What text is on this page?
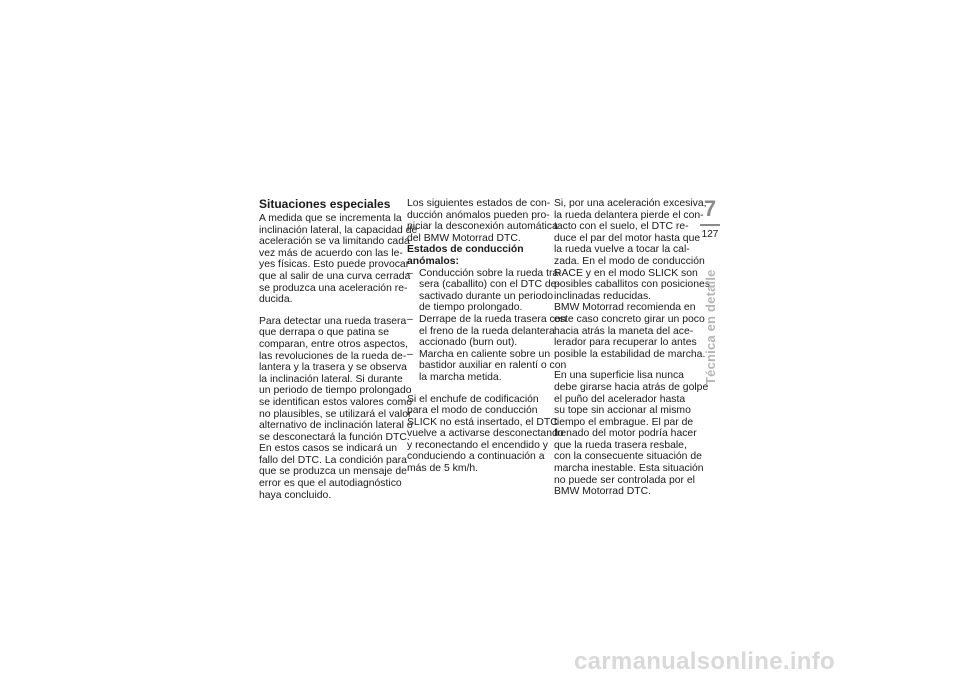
Situaciones especiales

A medida que se incrementa la
inclinación lateral, la capacidad de
aceleración se va limitando cada
vez más de acuerdo con las le-
yes físicas. Esto puede provocar
que al salir de una curva cerrada
se produzca una aceleración re-
ducida.

Para detectar una rueda trasera
que derrapa o que patina se
comparan, entre otros aspectos,
las revoluciones de la rueda de-
lantera y la trasera y se observa
la inclinación lateral. Si durante
un periodo de tiempo prolongado
se identifican estos valores como
no plausibles, se utilizará el valor
alternativo de inclinación lateral o
se desconectará la función DTC.
En estos casos se indicará un
fallo del DTC. La condición para
que se produzca un mensaje de
error es que el autodiagnóstico
haya concluido.

Los siguientes estados de con-
ducción anómalos pueden pro-
piciar la desconexión automática
del BMW Motorrad DTC.

Estados de conducción
anómalos:

– Conducción sobre la rueda tra-
sera (caballito) con el DTC de-
sactivado durante un periodo
de tiempo prolongado.
– Derrape de la rueda trasera con
el freno de la rueda delantera
accionado (burn out).
– Marcha en caliente sobre un
bastidor auxiliar en ralentí o con
la marcha metida.

Si el enchufe de codificación
para el modo de conducción
SLICK no está insertado, el DTC
vuelve a activarse desconectando
y reconectando el encendido y
conduciendo a continuación a
más de 5 km/h.

Si, por una aceleración excesiva,
la rueda delantera pierde el con-
tacto con el suelo, el DTC re-
duce el par del motor hasta que
la rueda vuelve a tocar la cal-
zada. En el modo de conducción
RACE y en el modo SLICK son
posibles caballitos con posiciones
inclinadas reducidas.
BMW Motorrad recomienda en
este caso concreto girar un poco
hacia atrás la maneta del ace-
lerador para recuperar lo antes
posible la estabilidad de marcha.

En una superficie lisa nunca
debe girarse hacia atrás de golpe
el puño del acelerador hasta
su tope sin accionar al mismo
tiempo el embrague. El par de
frenado del motor podría hacer
que la rueda trasera resbale,
con la consecuente situación de
marcha inestable. Esta situación
no puede ser controlada por el
BMW Motorrad DTC.

7
127
Técnica en detalle
carmanualsonline.info
